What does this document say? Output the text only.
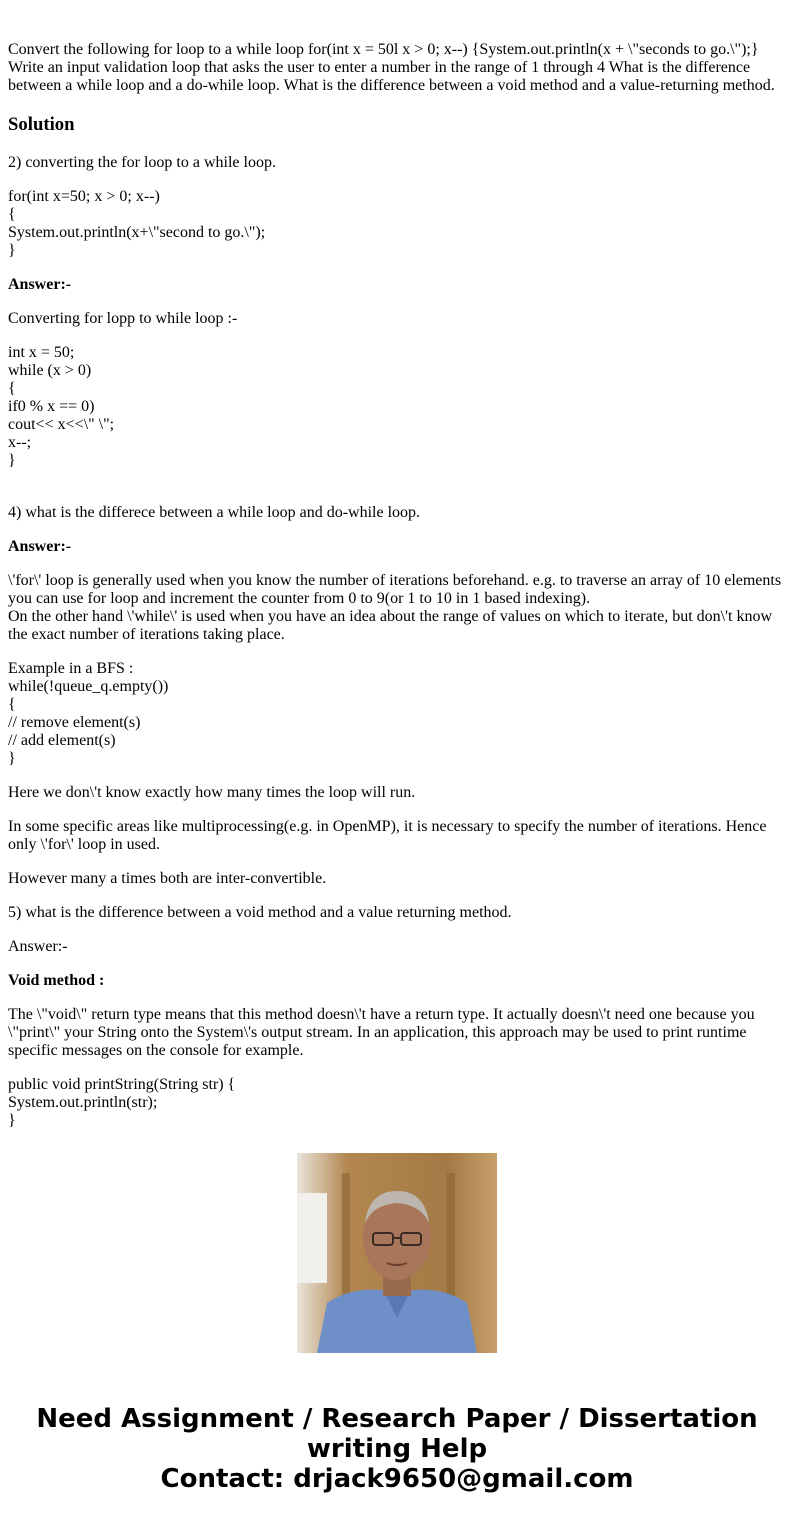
Convert the following for loop to a while loop for(int x = 50l x > 0; x--) {System.out.println(x + \"seconds to go.\");} Write an input validation loop that asks the user to enter a number in the range of 1 through 4 What is the difference between a while loop and a do-while loop. What is the difference between a void method and a value-returning method.

Solution

2) converting the for loop to a while loop.

for(int x=50; x > 0; x--)
{
System.out.println(x+\"second to go.\");
}

Answer:-

Converting for lopp to while loop :-

int x = 50;
while (x > 0)
{
if0 % x == 0)
cout<< x<<\" \";
x--;
}

4) what is the differece between a while loop and do-while loop.

Answer:-

\'for\' loop is generally used when you know the number of iterations beforehand. e.g. to traverse an array of 10 elements you can use for loop and increment the counter from 0 to 9(or 1 to 10 in 1 based indexing).
On the other hand \'while\' is used when you have an idea about the range of values on which to iterate, but don\'t know the exact number of iterations taking place.
Example in a BFS :
while(!queue_q.empty())
{
// remove element(s)
// add element(s)
}

Here we don\'t know exactly how many times the loop will run.

In some specific areas like multiprocessing(e.g. in OpenMP), it is necessary to specify the number of iterations. Hence only \'for\' loop in used.

However many a times both are inter-convertible.

5) what is the difference between a void method and a value returning method.

Answer:-

Void method :

The \"void\" return type means that this method doesn\'t have a return type. It actually doesn\'t need one because you \"print\" your String onto the System\'s output stream. In an application, this approach may be used to print runtime specific messages on the console for example.

public void printString(String str) {
System.out.println(str);
}
Need Assignment / Research Paper / Dissertation
writing Help
Contact: drjack9650@gmail.com
